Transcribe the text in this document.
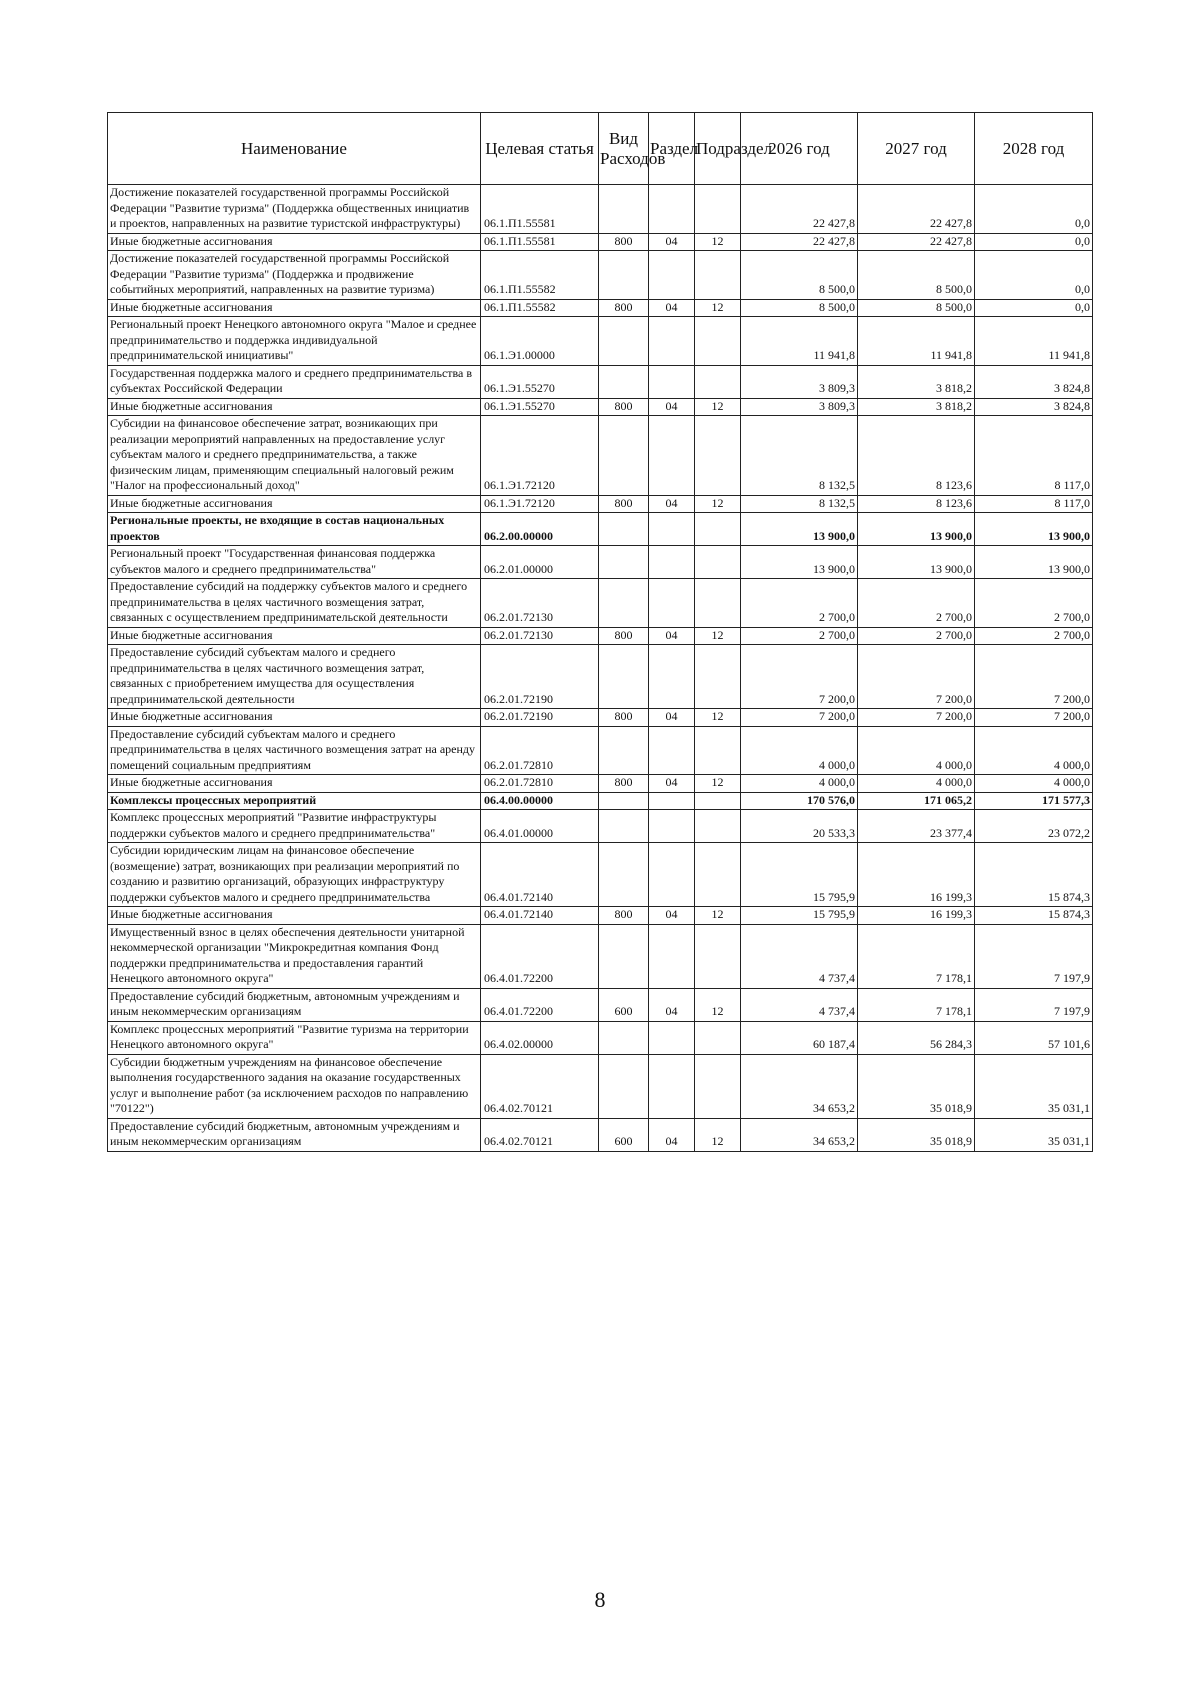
Наименование	Целевая статья	Вид Расходов	Раздел	Подраздел	2026 год	2027 год	2028 год
Достижение показателей государственной программы Российской Федерации "Развитие туризма" (Поддержка общественных инициатив и проектов, направленных на развитие туристской инфраструктуры)	06.1.П1.55581				22 427,8	22 427,8	0,0
Иные бюджетные ассигнования	06.1.П1.55581	800	04	12	22 427,8	22 427,8	0,0
Достижение показателей государственной программы Российской Федерации "Развитие туризма" (Поддержка и продвижение событийных мероприятий, направленных на развитие туризма)	06.1.П1.55582				8 500,0	8 500,0	0,0
Иные бюджетные ассигнования	06.1.П1.55582	800	04	12	8 500,0	8 500,0	0,0
Региональный проект Ненецкого автономного округа "Малое и среднее предпринимательство и поддержка индивидуальной предпринимательской инициативы"	06.1.Э1.00000				11 941,8	11 941,8	11 941,8
Государственная поддержка малого и среднего предпринимательства в субъектах Российской Федерации	06.1.Э1.55270				3 809,3	3 818,2	3 824,8
Иные бюджетные ассигнования	06.1.Э1.55270	800	04	12	3 809,3	3 818,2	3 824,8
Субсидии на финансовое обеспечение затрат, возникающих при реализации мероприятий направленных на предоставление услуг субъектам малого и среднего предпринимательства, а также физическим лицам, применяющим специальный налоговый режим "Налог на профессиональный доход"	06.1.Э1.72120				8 132,5	8 123,6	8 117,0
Иные бюджетные ассигнования	06.1.Э1.72120	800	04	12	8 132,5	8 123,6	8 117,0
Региональные проекты, не входящие в состав национальных проектов	06.2.00.00000				13 900,0	13 900,0	13 900,0
Региональный проект "Государственная финансовая поддержка субъектов малого и среднего предпринимательства"	06.2.01.00000				13 900,0	13 900,0	13 900,0
Предоставление субсидий на поддержку субъектов малого и среднего предпринимательства в целях частичного возмещения затрат, связанных с осуществлением предпринимательской деятельности	06.2.01.72130				2 700,0	2 700,0	2 700,0
Иные бюджетные ассигнования	06.2.01.72130	800	04	12	2 700,0	2 700,0	2 700,0
Предоставление субсидий субъектам малого и среднего предпринимательства в целях частичного возмещения затрат, связанных с приобретением имущества для осуществления предпринимательской деятельности	06.2.01.72190				7 200,0	7 200,0	7 200,0
Иные бюджетные ассигнования	06.2.01.72190	800	04	12	7 200,0	7 200,0	7 200,0
Предоставление субсидий субъектам малого и среднего предпринимательства в целях частичного возмещения затрат на аренду помещений социальным предприятиям	06.2.01.72810				4 000,0	4 000,0	4 000,0
Иные бюджетные ассигнования	06.2.01.72810	800	04	12	4 000,0	4 000,0	4 000,0
Комплексы процессных мероприятий	06.4.00.00000				170 576,0	171 065,2	171 577,3
Комплекс процессных мероприятий "Развитие инфраструктуры поддержки субъектов малого и среднего предпринимательства"	06.4.01.00000				20 533,3	23 377,4	23 072,2
Субсидии юридическим лицам на финансовое обеспечение (возмещение) затрат, возникающих при реализации мероприятий по созданию и развитию организаций, образующих инфраструктуру поддержки субъектов малого и среднего предпринимательства	06.4.01.72140				15 795,9	16 199,3	15 874,3
Иные бюджетные ассигнования	06.4.01.72140	800	04	12	15 795,9	16 199,3	15 874,3
Имущественный взнос в целях обеспечения деятельности унитарной некоммерческой организации "Микрокредитная компания Фонд поддержки предпринимательства и предоставления гарантий Ненецкого автономного округа"	06.4.01.72200				4 737,4	7 178,1	7 197,9
Предоставление субсидий бюджетным, автономным учреждениям и иным некоммерческим организациям	06.4.01.72200	600	04	12	4 737,4	7 178,1	7 197,9
Комплекс процессных мероприятий "Развитие туризма на территории Ненецкого автономного округа"	06.4.02.00000				60 187,4	56 284,3	57 101,6
Субсидии бюджетным учреждениям на финансовое обеспечение выполнения государственного задания на оказание государственных услуг и выполнение работ (за исключением расходов по направлению "70122")	06.4.02.70121				34 653,2	35 018,9	35 031,1
Предоставление субсидий бюджетным, автономным учреждениям и иным некоммерческим организациям	06.4.02.70121	600	04	12	34 653,2	35 018,9	35 031,1
8
